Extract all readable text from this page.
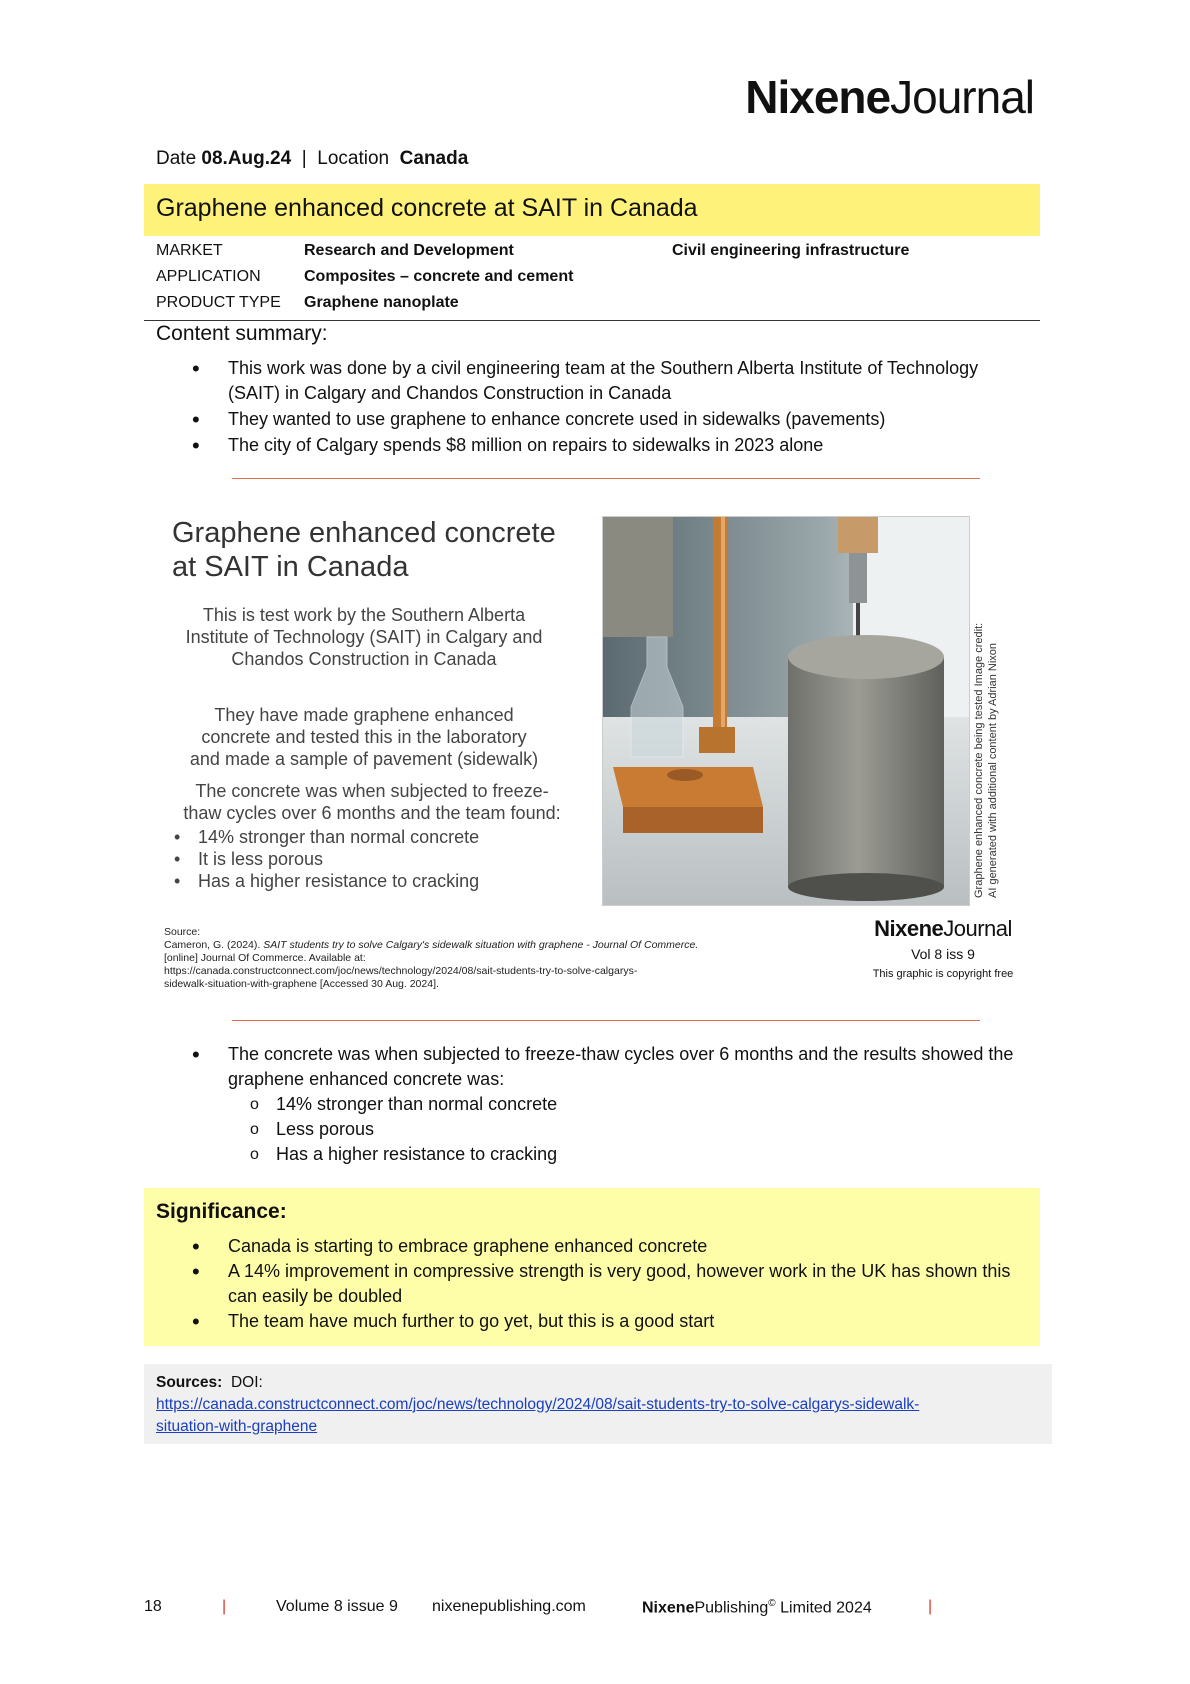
NixeneJournal
Date 08.Aug.24 | Location Canada
Graphene enhanced concrete at SAIT in Canada
MARKET	Research and Development	Civil engineering infrastructure
APPLICATION	Composites – concrete and cement
PRODUCT TYPE	Graphene nanoplate
Content summary:
• This work was done by a civil engineering team at the Southern Alberta Institute of Technology (SAIT) in Calgary and Chandos Construction in Canada
• They wanted to use graphene to enhance concrete used in sidewalks (pavements)
• The city of Calgary spends $8 million on repairs to sidewalks in 2023 alone
Graphene enhanced concrete
at SAIT in Canada
This is test work by the Southern Alberta
Institute of Technology (SAIT) in Calgary and
Chandos Construction in Canada
They have made graphene enhanced
concrete and tested this in the laboratory
and made a sample of pavement (sidewalk)
The concrete was when subjected to freeze-
thaw cycles over 6 months and the team found:
• 14% stronger than normal concrete
• It is less porous
• Has a higher resistance to cracking	Graphene enhanced concrete being tested Image credit: AI generated with additional content by Adrian Nixon
Source:
Cameron, G. (2024). SAIT students try to solve Calgary's sidewalk situation with graphene - Journal Of Commerce.
[online] Journal Of Commerce. Available at:
https://canada.constructconnect.com/joc/news/technology/2024/08/sait-students-try-to-solve-calgarys-
sidewalk-situation-with-graphene [Accessed 30 Aug. 2024].
NixeneJournal
Vol 8 iss 9
This graphic is copyright free
• The concrete was when subjected to freeze-thaw cycles over 6 months and the results showed the graphene enhanced concrete was:
o 14% stronger than normal concrete
o Less porous
o Has a higher resistance to cracking
Significance:
• Canada is starting to embrace graphene enhanced concrete
• A 14% improvement in compressive strength is very good, however work in the UK has shown this can easily be doubled
• The team have much further to go yet, but this is a good start
Sources: DOI:
https://canada.constructconnect.com/joc/news/technology/2024/08/sait-students-try-to-solve-calgarys-sidewalk-
situation-with-graphene
18	|	Volume 8 issue 9 nixenepublishing.com	NixenePublishing© Limited 2024	|
